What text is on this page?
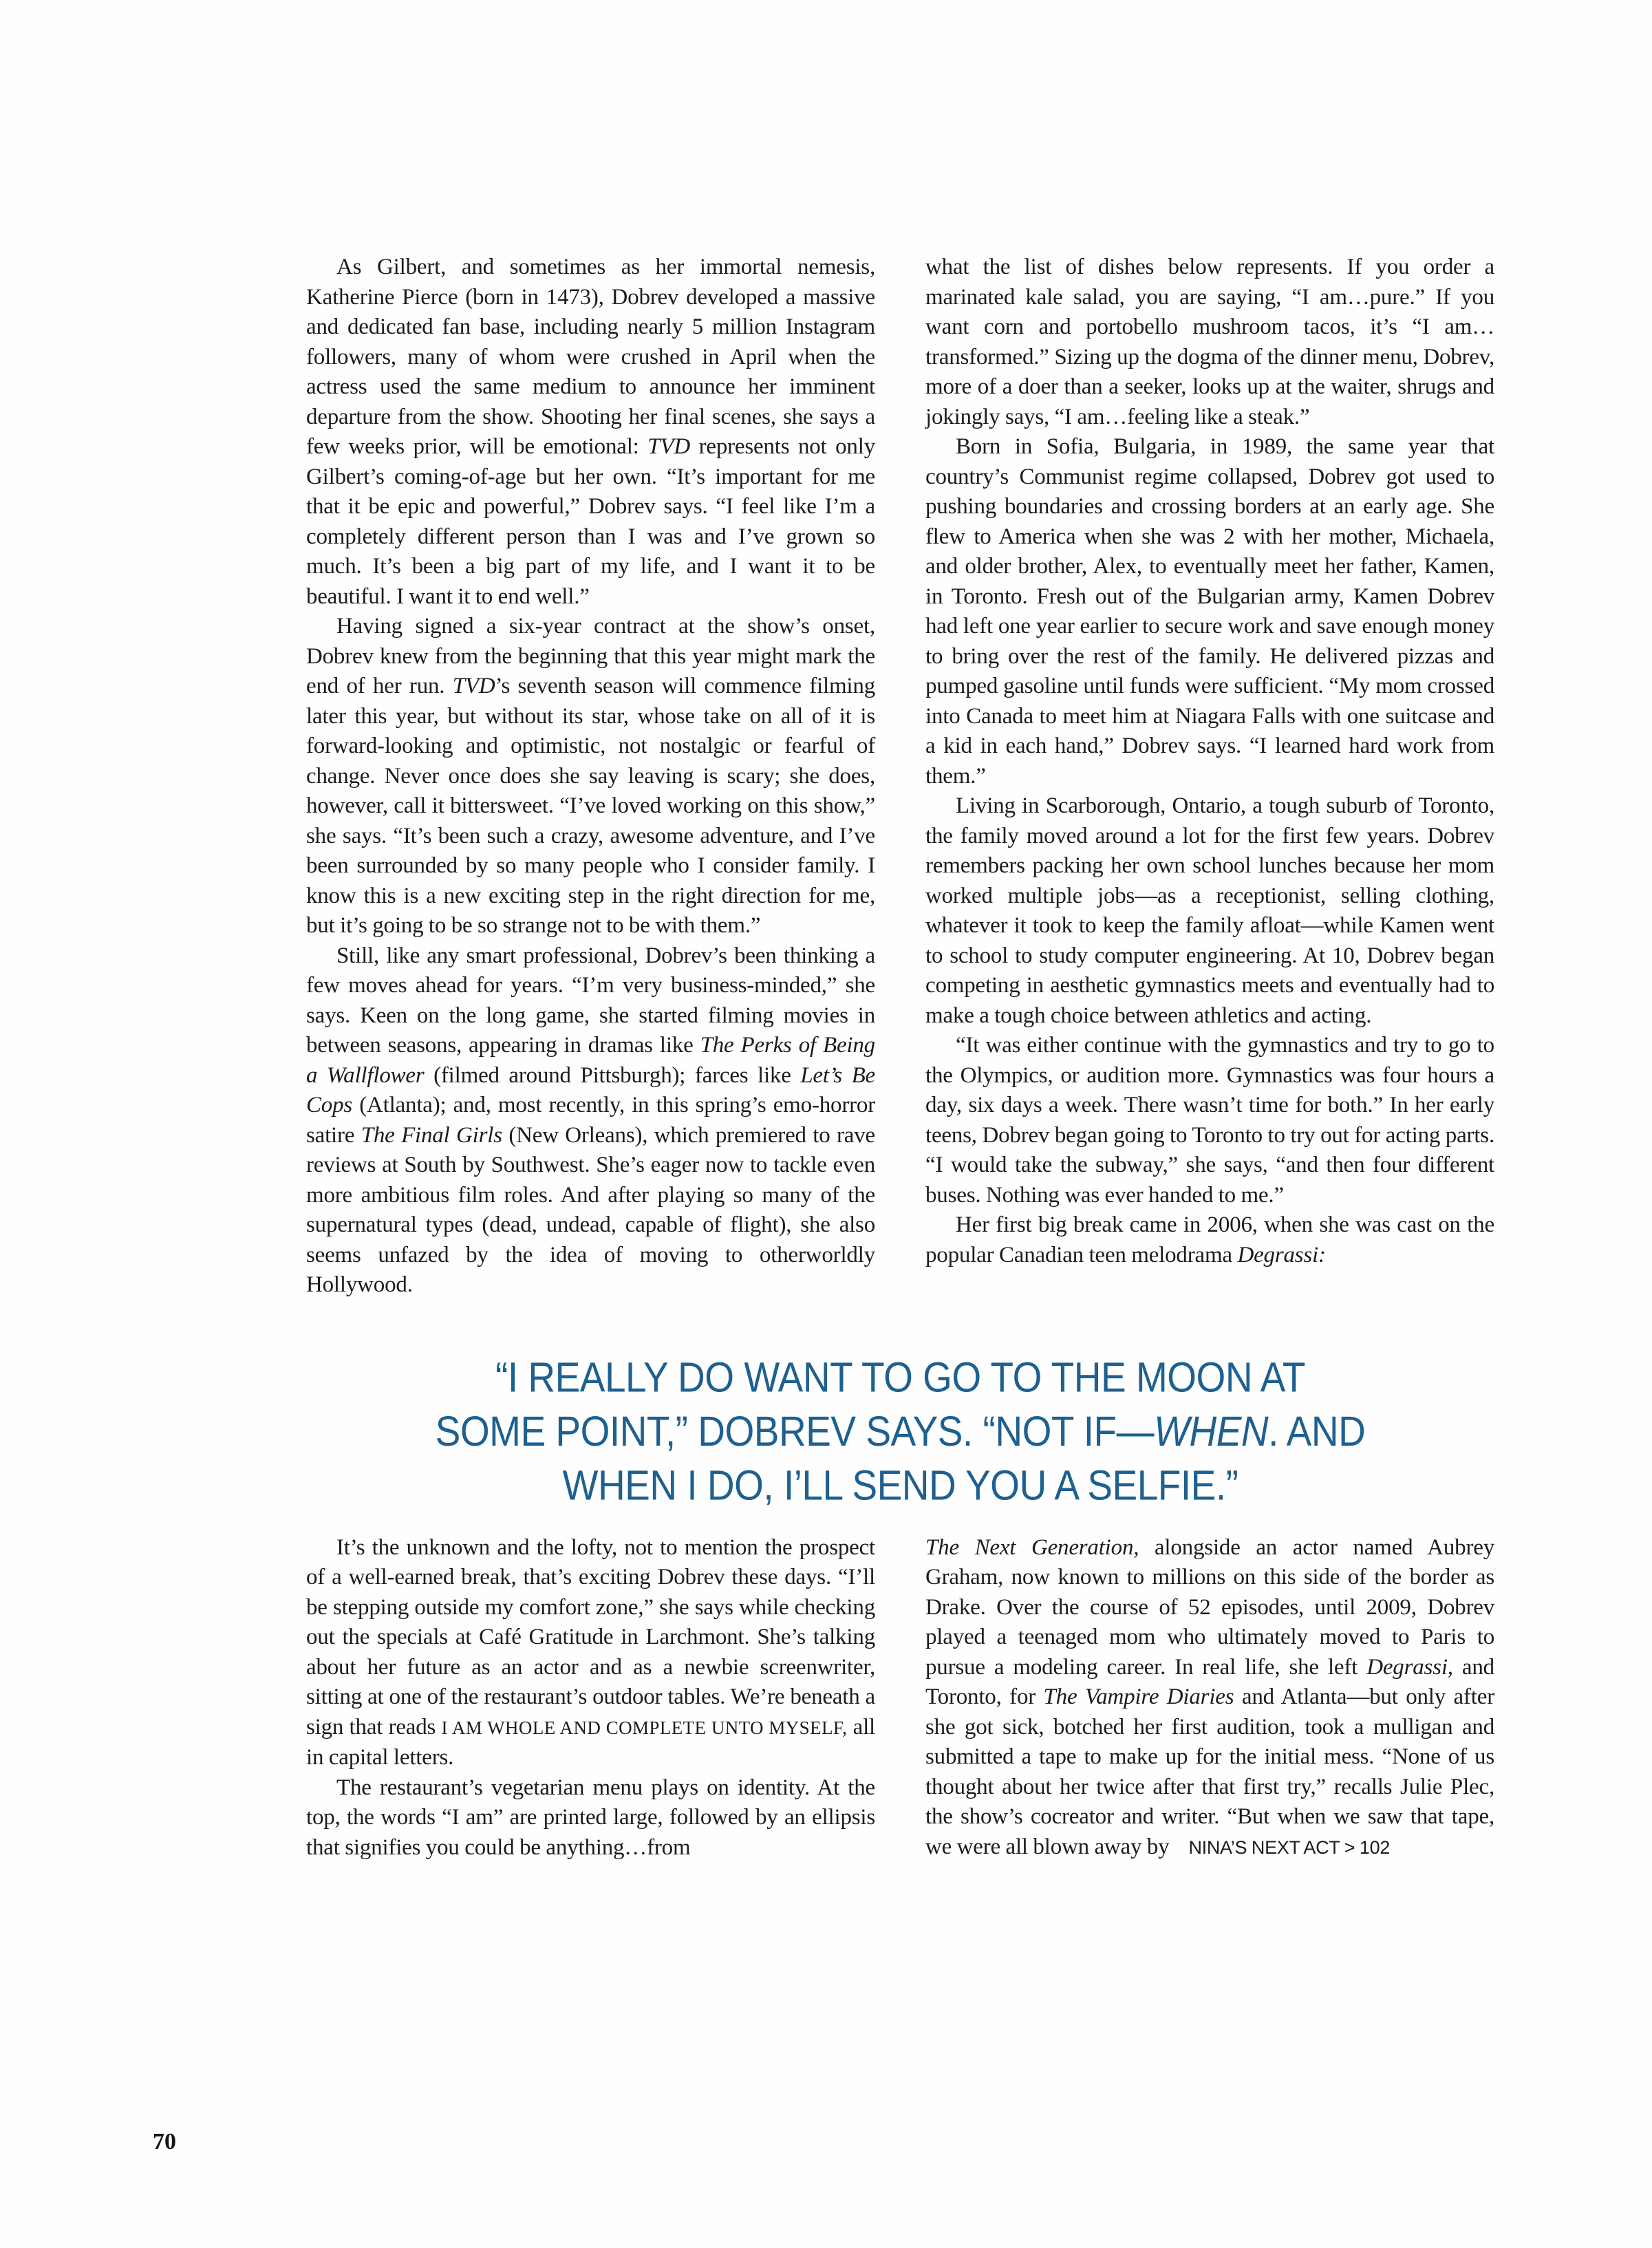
As Gilbert, and sometimes as her immortal nemesis, Katherine Pierce (born in 1473), Dobrev developed a massive and dedicated fan base, including nearly 5 million Instagram followers, many of whom were crushed in April when the actress used the same medium to announce her imminent departure from the show. Shooting her final scenes, she says a few weeks prior, will be emotional: TVD represents not only Gilbert’s coming-of-age but her own. “It’s important for me that it be epic and powerful,” Dobrev says. “I feel like I’m a completely different person than I was and I’ve grown so much. It’s been a big part of my life, and I want it to be beautiful. I want it to end well.”

Having signed a six-year contract at the show’s onset, Dobrev knew from the beginning that this year might mark the end of her run. TVD’s seventh season will commence filming later this year, but without its star, whose take on all of it is forward-looking and optimistic, not nostalgic or fearful of change. Never once does she say leaving is scary; she does, however, call it bittersweet. “I’ve loved working on this show,” she says. “It’s been such a crazy, awesome adventure, and I’ve been surrounded by so many people who I consider family. I know this is a new exciting step in the right direction for me, but it’s going to be so strange not to be with them.”

Still, like any smart professional, Dobrev’s been thinking a few moves ahead for years. “I’m very business-minded,” she says. Keen on the long game, she started filming movies in between seasons, appearing in dramas like The Perks of Being a Wallflower (filmed around Pittsburgh); farces like Let’s Be Cops (Atlanta); and, most recently, in this spring’s emo-horror satire The Final Girls (New Orleans), which premiered to rave reviews at South by Southwest. She’s eager now to tackle even more ambitious film roles. And after playing so many of the supernatural types (dead, undead, capable of flight), she also seems unfazed by the idea of moving to otherworldly Hollywood.

what the list of dishes below represents. If you order a marinated kale salad, you are saying, “I am…pure.” If you want corn and portobello mushroom tacos, it’s “I am…transformed.” Sizing up the dogma of the dinner menu, Dobrev, more of a doer than a seeker, looks up at the waiter, shrugs and jokingly says, “I am…feeling like a steak.”

Born in Sofia, Bulgaria, in 1989, the same year that country’s Communist regime collapsed, Dobrev got used to pushing boundaries and crossing borders at an early age. She flew to America when she was 2 with her mother, Michaela, and older brother, Alex, to eventually meet her father, Kamen, in Toronto. Fresh out of the Bulgarian army, Kamen Dobrev had left one year earlier to secure work and save enough money to bring over the rest of the family. He delivered pizzas and pumped gasoline until funds were sufficient. “My mom crossed into Canada to meet him at Niagara Falls with one suitcase and a kid in each hand,” Dobrev says. “I learned hard work from them.”

Living in Scarborough, Ontario, a tough suburb of Toronto, the family moved around a lot for the first few years. Dobrev remembers packing her own school lunches because her mom worked multiple jobs—as a receptionist, selling clothing, whatever it took to keep the family afloat—while Kamen went to school to study computer engineering. At 10, Dobrev began competing in aesthetic gymnastics meets and eventually had to make a tough choice between athletics and acting.

“It was either continue with the gymnastics and try to go to the Olympics, or audition more. Gymnastics was four hours a day, six days a week. There wasn’t time for both.” In her early teens, Dobrev began going to Toronto to try out for acting parts. “I would take the subway,” she says, “and then four different buses. Nothing was ever handed to me.”

Her first big break came in 2006, when she was cast on the popular Canadian teen melodrama Degrassi:

“I REALLY DO WANT TO GO TO THE MOON AT
SOME POINT,” DOBREV SAYS. “NOT IF—WHEN. AND
WHEN I DO, I’LL SEND YOU A SELFIE.”

It’s the unknown and the lofty, not to mention the prospect of a well-earned break, that’s exciting Dobrev these days. “I’ll be stepping outside my comfort zone,” she says while checking out the specials at Café Gratitude in Larchmont. She’s talking about her future as an actor and as a newbie screenwriter, sitting at one of the restaurant’s outdoor tables. We’re beneath a sign that reads I AM WHOLE AND COMPLETE UNTO MYSELF, all in capital letters.

The restaurant’s vegetarian menu plays on identity. At the top, the words “I am” are printed large, followed by an ellipsis that signifies you could be anything…from

The Next Generation, alongside an actor named Aubrey Graham, now known to millions on this side of the border as Drake. Over the course of 52 episodes, until 2009, Dobrev played a teenaged mom who ultimately moved to Paris to pursue a modeling career. In real life, she left Degrassi, and Toronto, for The Vampire Diaries and Atlanta—but only after she got sick, botched her first audition, took a mulligan and submitted a tape to make up for the initial mess. “None of us thought about her twice after that first try,” recalls Julie Plec, the show’s cocreator and writer. “But when we saw that tape, we were all blown away by NINA’S NEXT ACT > 102

70
